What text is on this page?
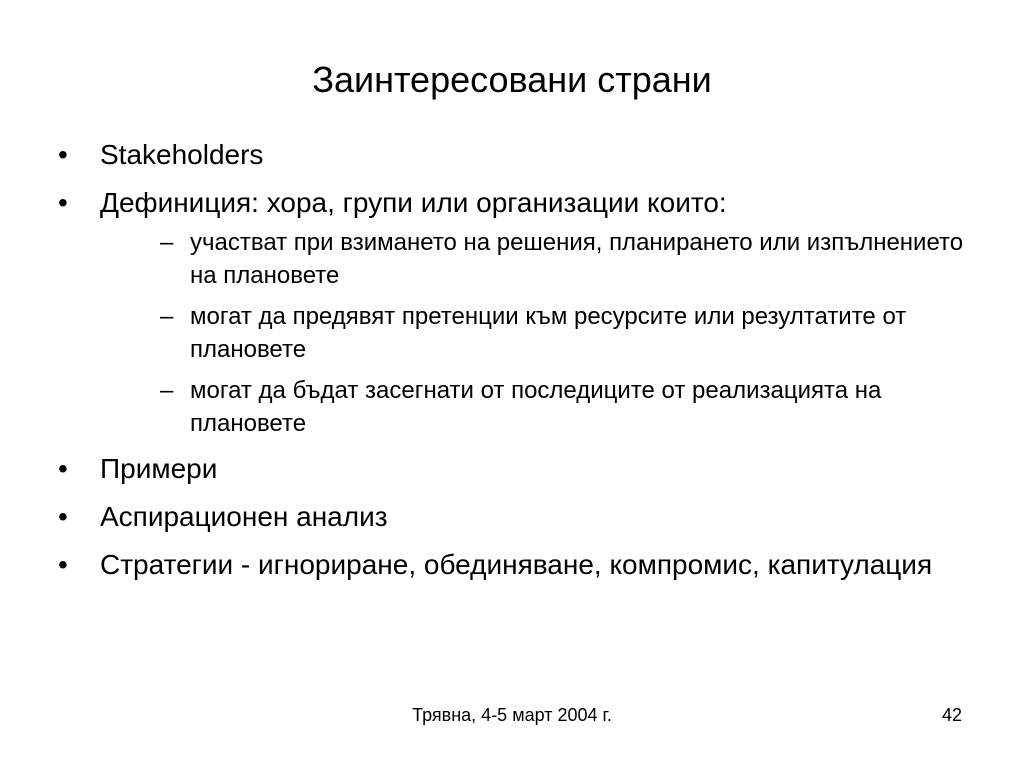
Заинтересовани страни
• Stakeholders
• Дефиниция: хора, групи или организации които:
– участват при взимането на решения, планирането или изпълнението на плановете
– могат да предявят претенции към ресурсите или резултатите от плановете
– могат да бъдат засегнати от последиците от реализацията на плановете
• Примери
• Аспирационен анализ
• Стратегии - игнориране, обединяване, компромис, капитулация
Трявна, 4-5 март 2004 г.	42
